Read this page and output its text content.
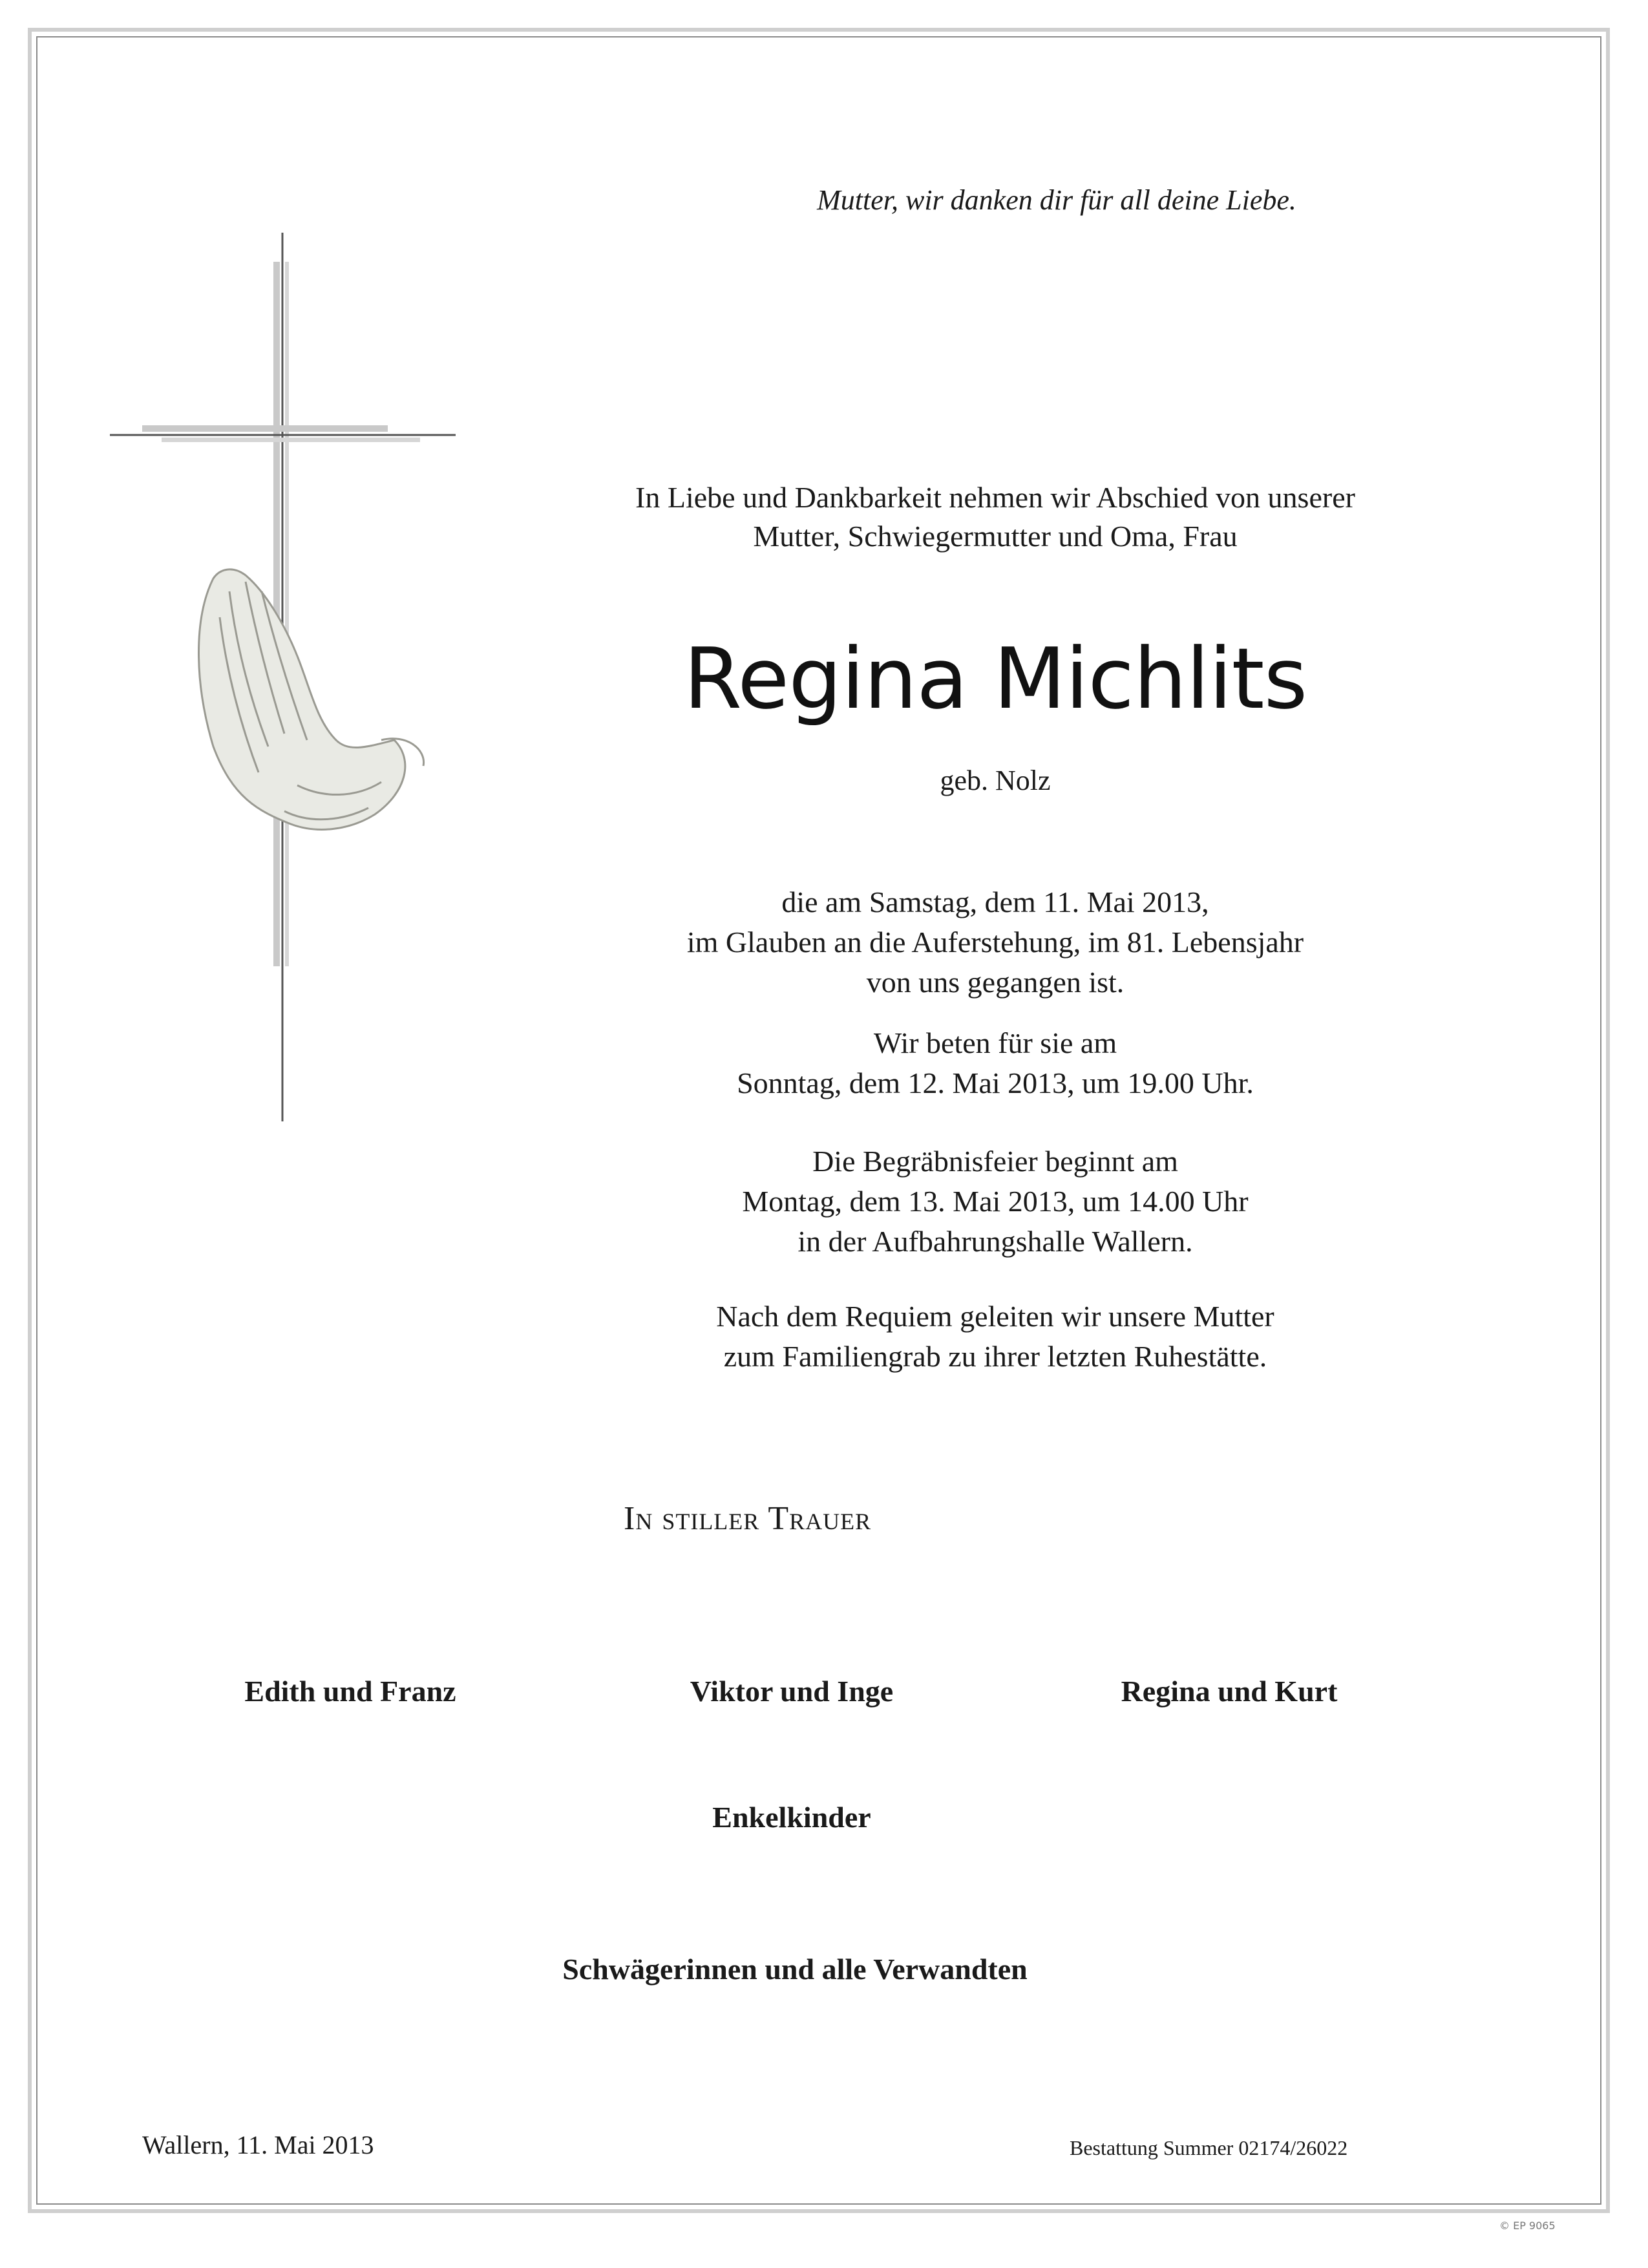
Mutter, wir danken dir für all deine Liebe.
In Liebe und Dankbarkeit nehmen wir Abschied von unserer
Mutter, Schwiegermutter und Oma, Frau
Regina Michlits
geb. Nolz
die am Samstag, dem 11. Mai 2013,
im Glauben an die Auferstehung, im 81. Lebensjahr
von uns gegangen ist.
Wir beten für sie am
Sonntag, dem 12. Mai 2013, um 19.00 Uhr.
Die Begräbnisfeier beginnt am
Montag, dem 13. Mai 2013, um 14.00 Uhr
in der Aufbahrungshalle Wallern.
Nach dem Requiem geleiten wir unsere Mutter
zum Familiengrab zu ihrer letzten Ruhestätte.
In stiller Trauer
Edith und Franz	Viktor und Inge	Regina und Kurt
Enkelkinder
Schwägerinnen und alle Verwandten
Wallern, 11. Mai 2013	Bestattung Summer 02174/26022
© EP 9065
